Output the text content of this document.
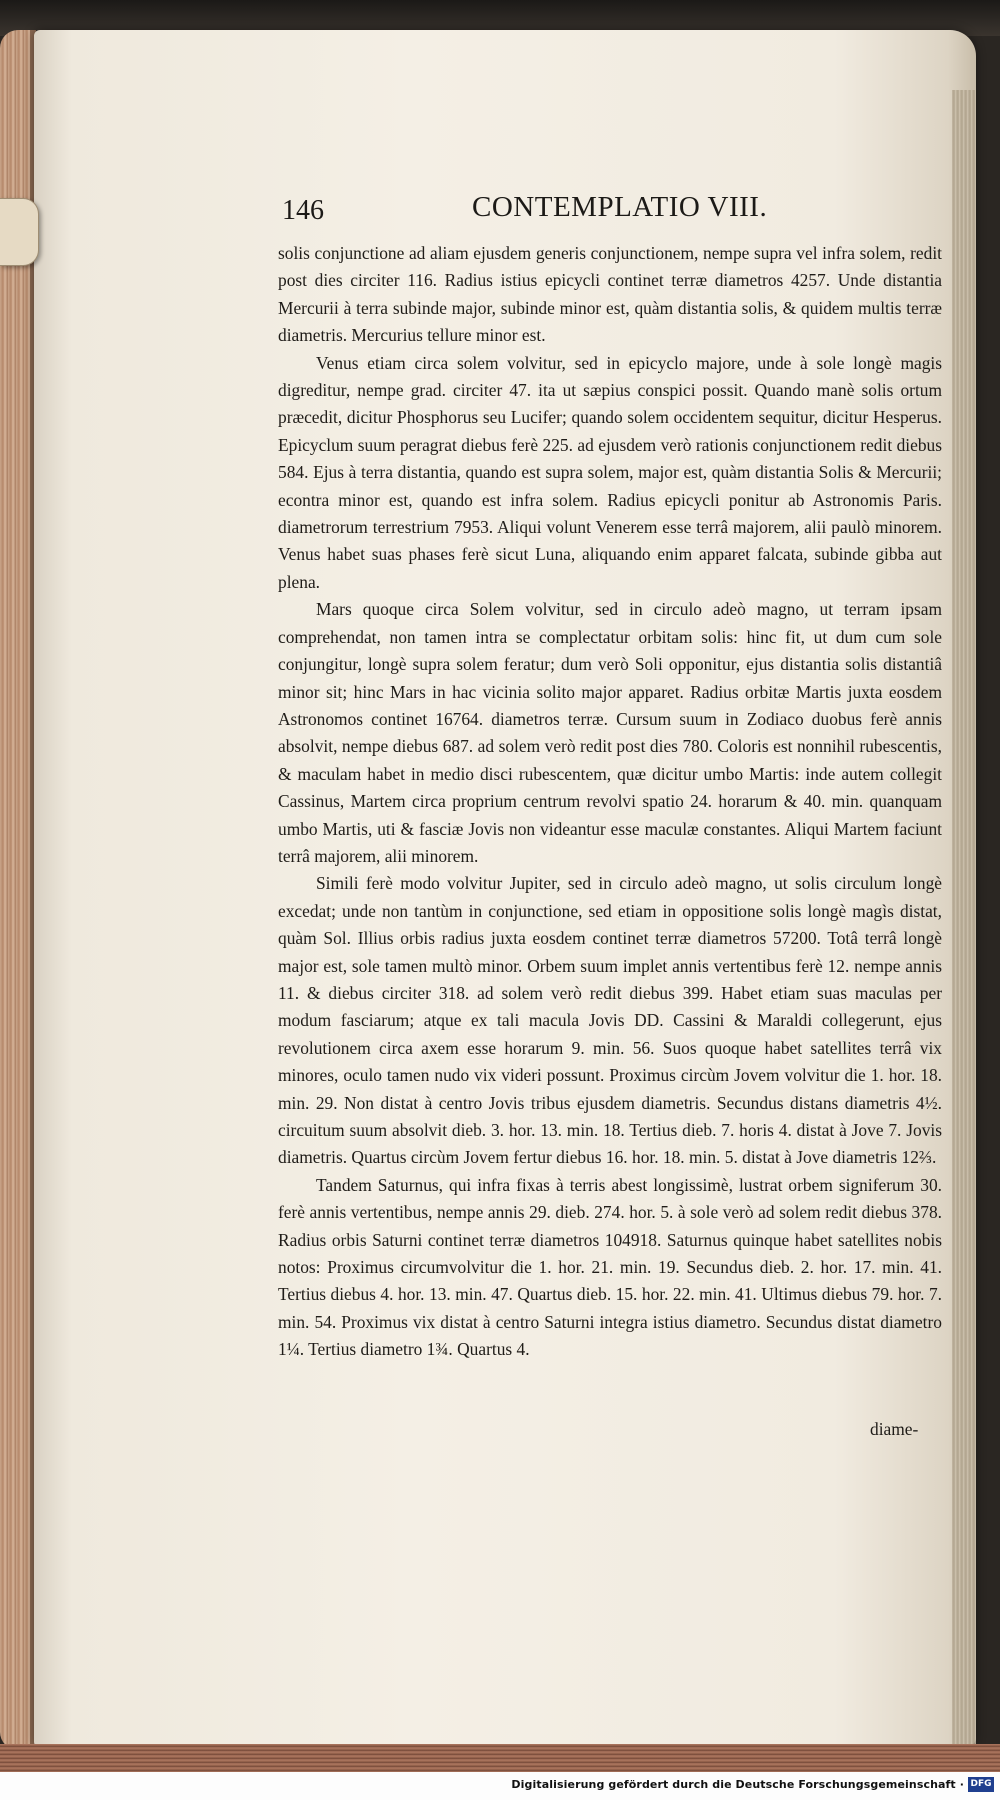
146	CONTEMPLATIO VIII.

solis conjunctione ad aliam ejusdem generis conjunctionem, nempe supra vel infra solem, redit post dies circiter 116. Radius istius epicycli continet terræ diametros 4257. Unde distantia Mercurii à terra subinde major, subinde minor est, quàm distantia solis, & quidem multis terræ diametris. Mercurius tellure minor est.

Venus etiam circa solem volvitur, sed in epicyclo majore, unde à sole longè magis digreditur, nempe grad. circiter 47. ita ut sæpius conspici possit. Quando manè solis ortum præcedit, dicitur Phosphorus seu Lucifer; quando solem occidentem sequitur, dicitur Hesperus. Epicyclum suum peragrat diebus ferè 225. ad ejusdem verò rationis conjunctionem redit diebus 584. Ejus à terra distantia, quando est supra solem, major est, quàm distantia Solis & Mercurii; econtra minor est, quando est infra solem. Radius epicycli ponitur ab Astronomis Paris. diametrorum terrestrium 7953. Aliqui volunt Venerem esse terrâ majorem, alii paulò minorem. Venus habet suas phases ferè sicut Luna, aliquando enim apparet falcata, subinde gibba aut plena.

Mars quoque circa Solem volvitur, sed in circulo adeò magno, ut terram ipsam comprehendat, non tamen intra se complectatur orbitam solis: hinc fit, ut dum cum sole conjungitur, longè supra solem feratur; dum verò Soli opponitur, ejus distantia solis distantiâ minor sit; hinc Mars in hac vicinia solito major apparet. Radius orbitæ Martis juxta eosdem Astronomos continet 16764. diametros terræ. Cursum suum in Zodiaco duobus ferè annis absolvit, nempe diebus 687. ad solem verò redit post dies 780. Coloris est nonnihil rubescentis, & maculam habet in medio disci rubescentem, quæ dicitur umbo Martis: inde autem collegit Cassinus, Martem circa proprium centrum revolvi spatio 24. horarum & 40. min. quanquam umbo Martis, uti & fasciæ Jovis non videantur esse maculæ constantes. Aliqui Martem faciunt terrâ majorem, alii minorem.

Simili ferè modo volvitur Jupiter, sed in circulo adeò magno, ut solis circulum longè excedat; unde non tantùm in conjunctione, sed etiam in oppositione solis longè magìs distat, quàm Sol. Illius orbis radius juxta eosdem continet terræ diametros 57200. Totâ terrâ longè major est, sole tamen multò minor. Orbem suum implet annis vertentibus ferè 12. nempe annis 11. & diebus circiter 318. ad solem verò redit diebus 399. Habet etiam suas maculas per modum fasciarum; atque ex tali macula Jovis DD. Cassini & Maraldi collegerunt, ejus revolutionem circa axem esse horarum 9. min. 56. Suos quoque habet satellites terrâ vix minores, oculo tamen nudo vix videri possunt. Proximus circùm Jovem volvitur die 1. hor. 18. min. 29. Non distat à centro Jovis tribus ejusdem diametris. Secundus distans diametris 4½. circuitum suum absolvit dieb. 3. hor. 13. min. 18. Tertius dieb. 7. horis 4. distat à Jove 7. Jovis diametris. Quartus circùm Jovem fertur diebus 16. hor. 18. min. 5. distat à Jove diametris 12⅔.

Tandem Saturnus, qui infra fixas à terris abest longissimè, lustrat orbem signiferum 30. ferè annis vertentibus, nempe annis 29. dieb. 274. hor. 5. à sole verò ad solem redit diebus 378. Radius orbis Saturni continet terræ diametros 104918. Saturnus quinque habet satellites nobis notos: Proximus circumvolvitur die 1. hor. 21. min. 19. Secundus dieb. 2. hor. 17. min. 41. Tertius diebus 4. hor. 13. min. 47. Quartus dieb. 15. hor. 22. min. 41. Ultimus diebus 79. hor. 7. min. 54. Proximus vix distat à centro Saturni integra istius diametro. Secundus distat diametro 1¼. Tertius diametro 1¾. Quartus 4.

diame-
Digitalisierung gefördert durch die Deutsche Forschungsgemeinschaft · DFG
